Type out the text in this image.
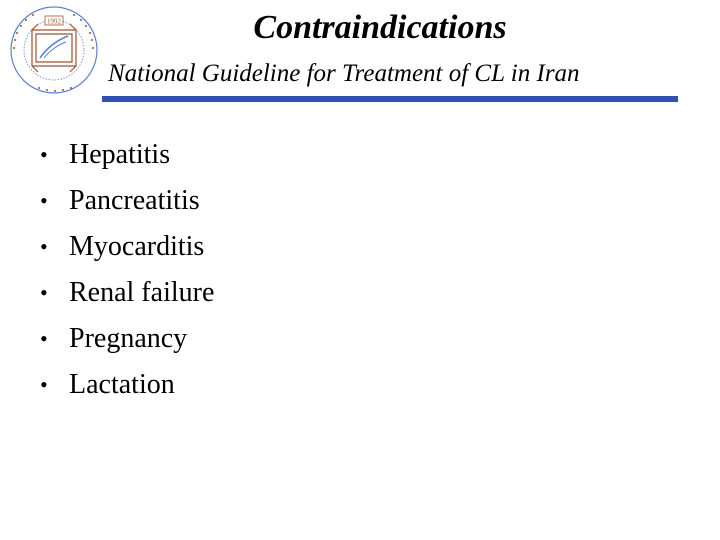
1992	Contraindications
National Guideline for Treatment of CL in Iran
• Hepatitis
• Pancreatitis
• Myocarditis
• Renal failure
• Pregnancy
• Lactation
